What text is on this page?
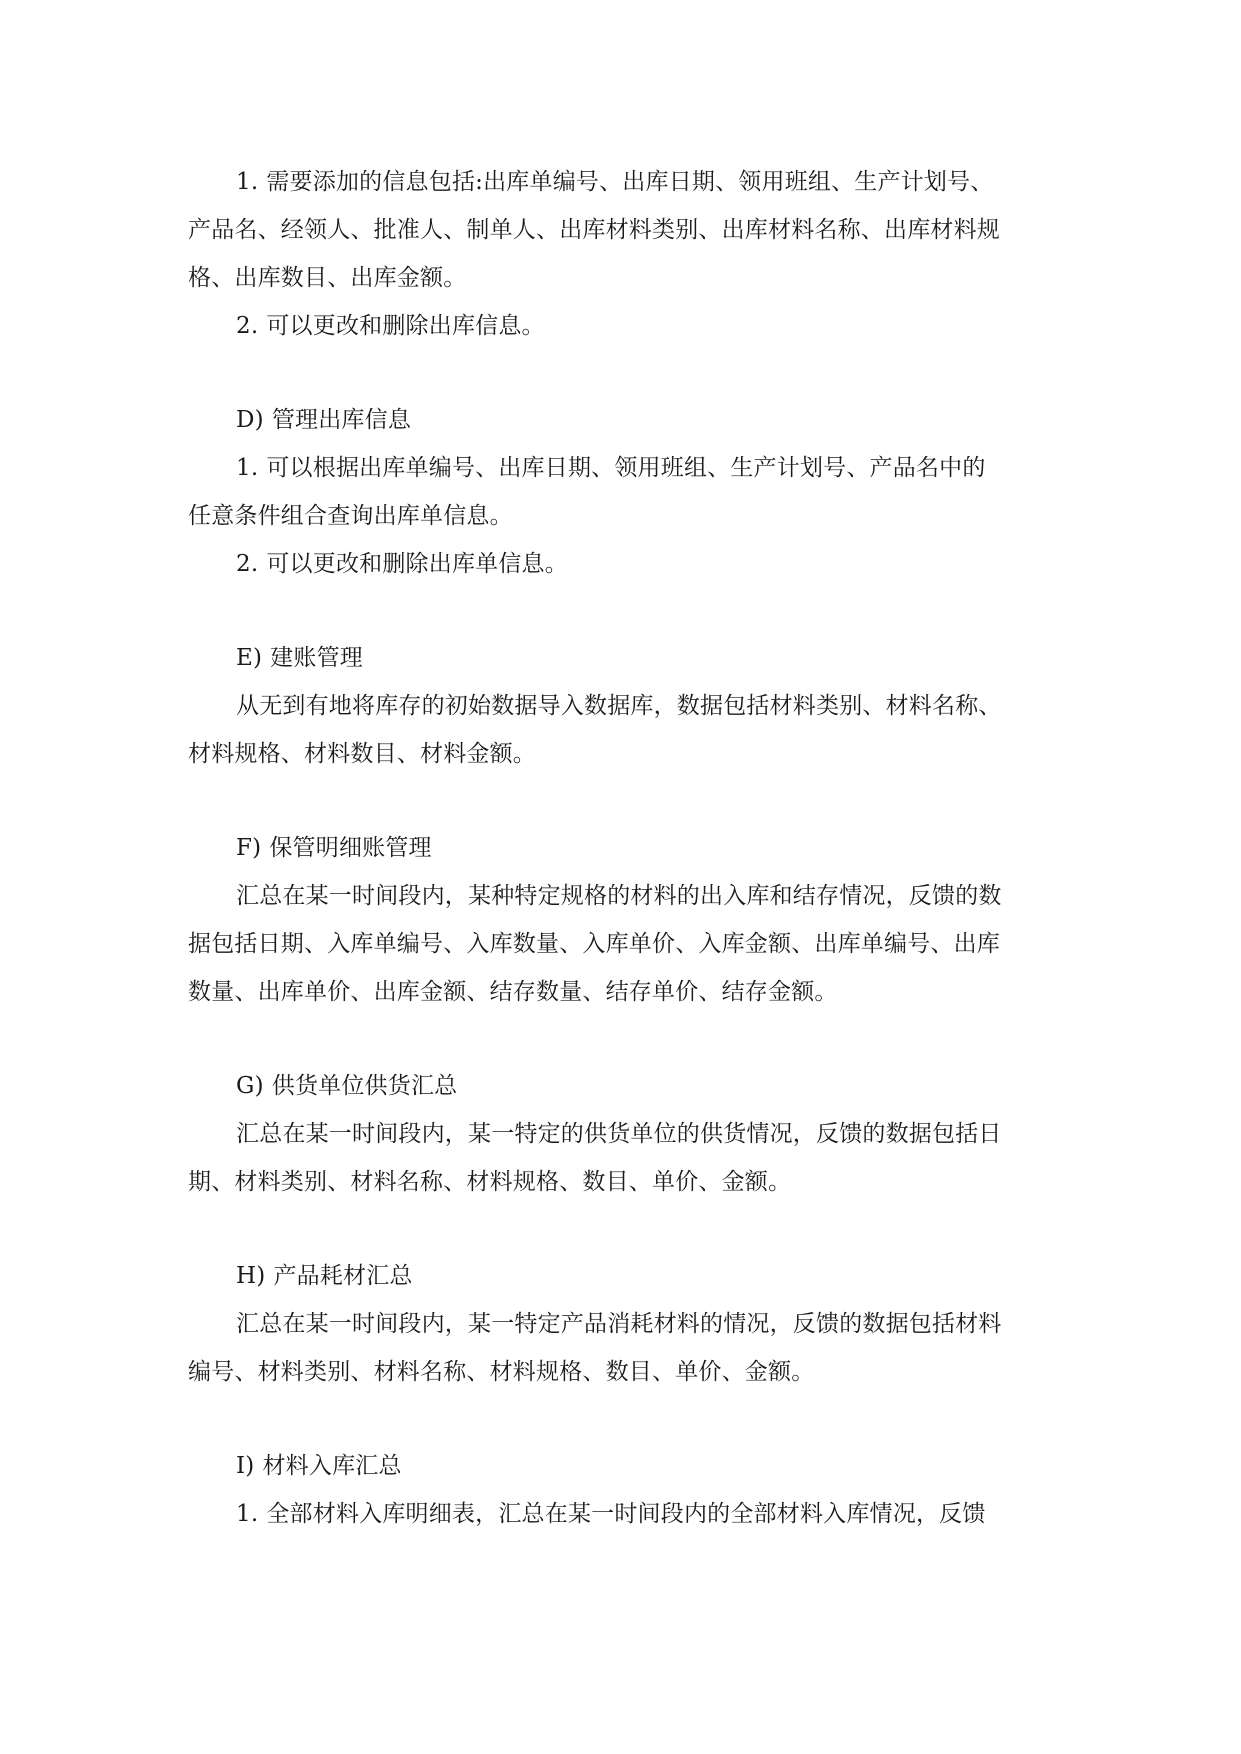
1. 需要添加的信息包括:出库单编号、出库日期、领用班组、生产计划号、

产品名、经领人、批准人、制单人、出库材料类别、出库材料名称、出库材料规

格、出库数目、出库金额。

2. 可以更改和删除出库信息。

D) 管理出库信息

1. 可以根据出库单编号、出库日期、领用班组、生产计划号、产品名中的

任意条件组合查询出库单信息。

2. 可以更改和删除出库单信息。

E) 建账管理

从无到有地将库存的初始数据导入数据库，数据包括材料类别、材料名称、

材料规格、材料数目、材料金额。

F) 保管明细账管理

汇总在某一时间段内，某种特定规格的材料的出入库和结存情况，反馈的数

据包括日期、入库单编号、入库数量、入库单价、入库金额、出库单编号、出库

数量、出库单价、出库金额、结存数量、结存单价、结存金额。

G) 供货单位供货汇总

汇总在某一时间段内，某一特定的供货单位的供货情况，反馈的数据包括日

期、材料类别、材料名称、材料规格、数目、单价、金额。

H) 产品耗材汇总

汇总在某一时间段内，某一特定产品消耗材料的情况，反馈的数据包括材料

编号、材料类别、材料名称、材料规格、数目、单价、金额。

I) 材料入库汇总

1. 全部材料入库明细表，汇总在某一时间段内的全部材料入库情况，反馈
